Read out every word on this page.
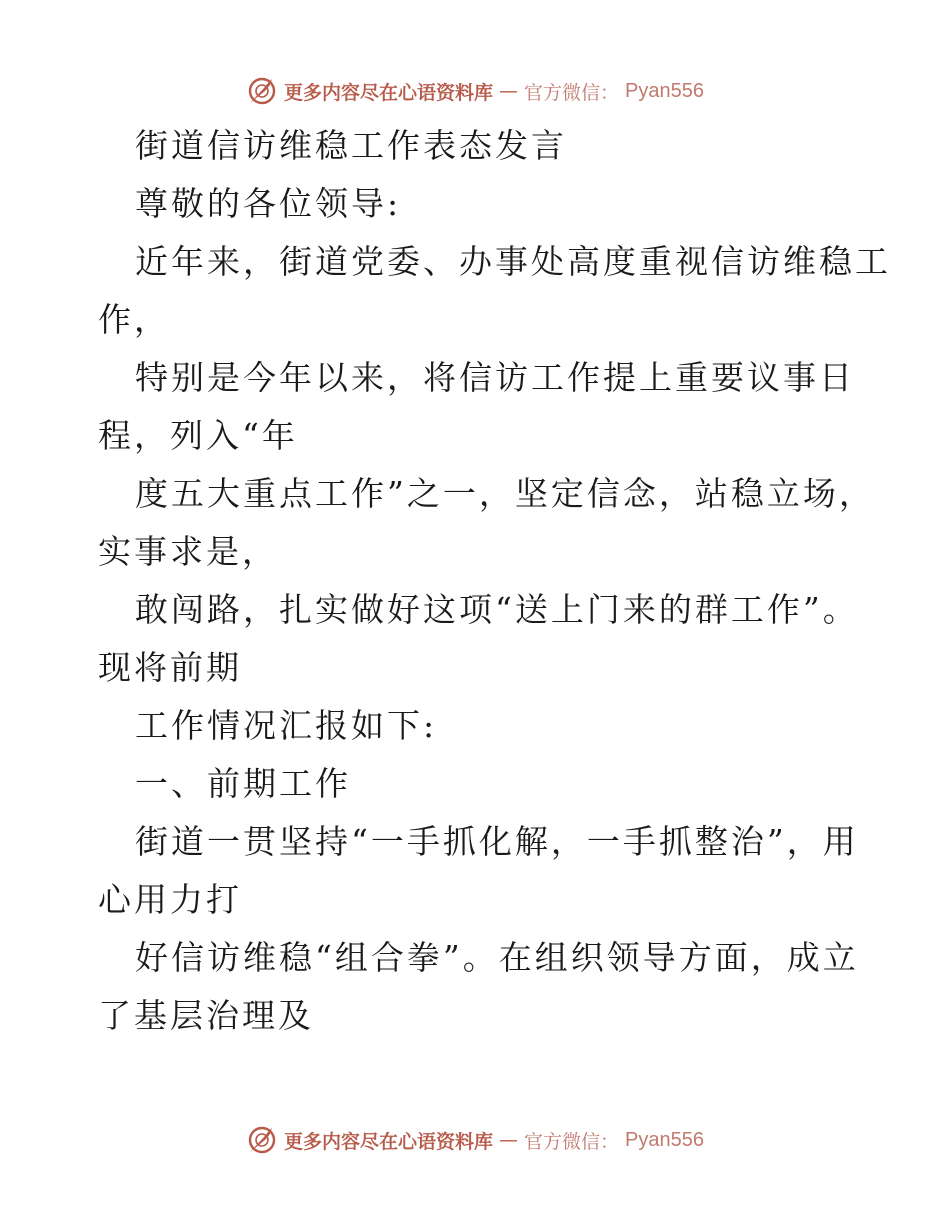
更多内容尽在心语资料库 — 官方微信： Pyan556
街道信访维稳工作表态发言
尊敬的各位领导:
近年来，街道党委、办事处高度重视信访维稳工
作，
特别是今年以来，将信访工作提上重要议事日
程，列入“年
度五大重点工作”之一，坚定信念，站稳立场，
实事求是，
敢闯路，扎实做好这项“送上门来的群工作”。
现将前期
工作情况汇报如下:
一、前期工作
街道一贯坚持“一手抓化解，一手抓整治”，用
心用力打
好信访维稳“组合拳”。在组织领导方面，成立
了基层治理及
更多内容尽在心语资料库 — 官方微信： Pyan556
